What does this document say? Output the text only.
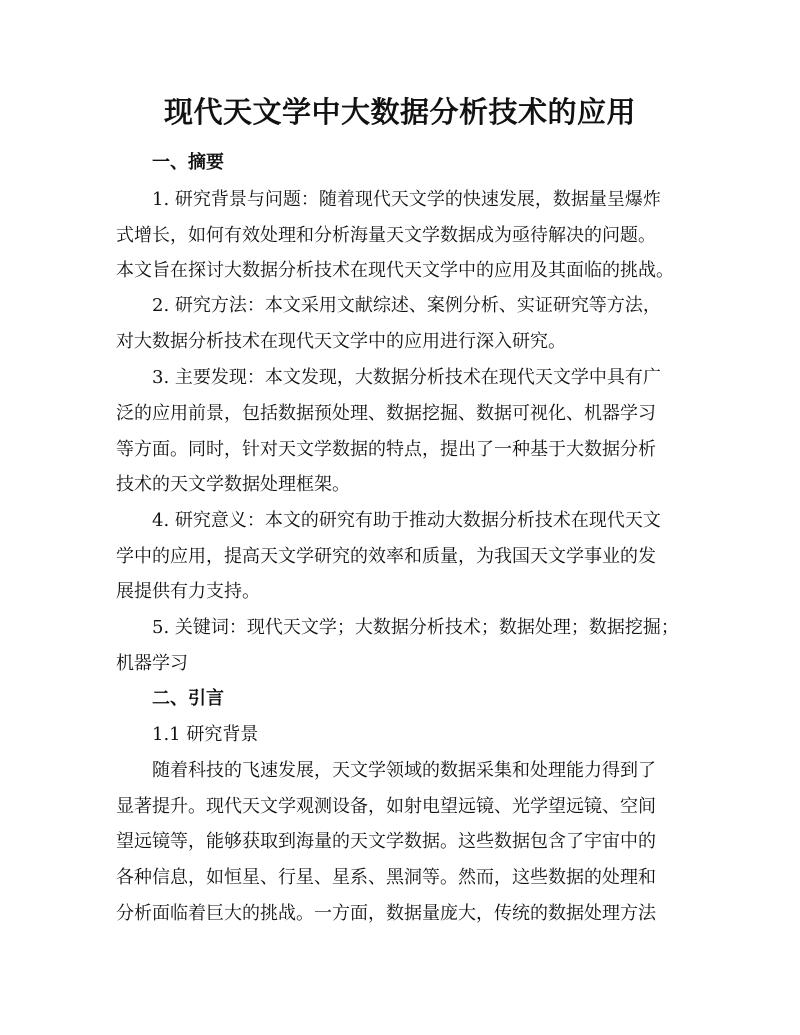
现代天文学中大数据分析技术的应用
一、摘要
1. 研究背景与问题：随着现代天文学的快速发展，数据量呈爆炸
式增长，如何有效处理和分析海量天文学数据成为亟待解决的问题。
本文旨在探讨大数据分析技术在现代天文学中的应用及其面临的挑战。
2. 研究方法：本文采用文献综述、案例分析、实证研究等方法，
对大数据分析技术在现代天文学中的应用进行深入研究。
3. 主要发现：本文发现，大数据分析技术在现代天文学中具有广
泛的应用前景，包括数据预处理、数据挖掘、数据可视化、机器学习
等方面。同时，针对天文学数据的特点，提出了一种基于大数据分析
技术的天文学数据处理框架。
4. 研究意义：本文的研究有助于推动大数据分析技术在现代天文
学中的应用，提高天文学研究的效率和质量，为我国天文学事业的发
展提供有力支持。
5. 关键词：现代天文学；大数据分析技术；数据处理；数据挖掘；
机器学习
二、引言
1.1 研究背景
随着科技的飞速发展，天文学领域的数据采集和处理能力得到了
显著提升。现代天文学观测设备，如射电望远镜、光学望远镜、空间
望远镜等，能够获取到海量的天文学数据。这些数据包含了宇宙中的
各种信息，如恒星、行星、星系、黑洞等。然而，这些数据的处理和
分析面临着巨大的挑战。一方面，数据量庞大，传统的数据处理方法
